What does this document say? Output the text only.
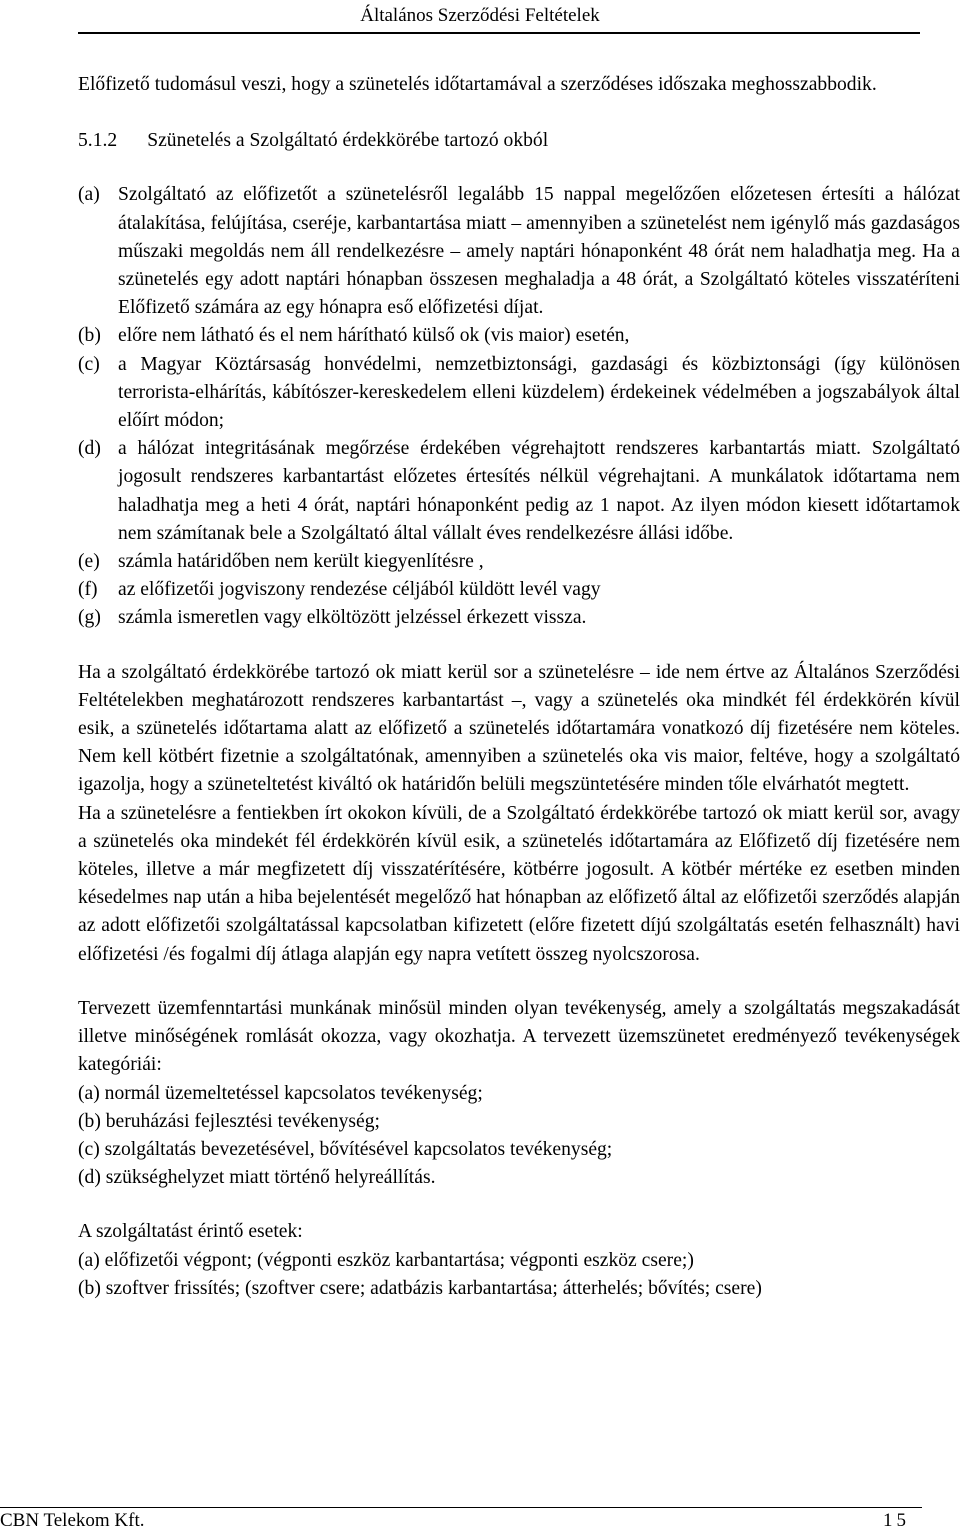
Általános Szerződési Feltételek

Előfizető tudomásul veszi, hogy a szünetelés időtartamával a szerződéses időszaka meghosszabbodik.

5.1.2 Szünetelés a Szolgáltató érdekkörébe tartozó okból

(a) Szolgáltató az előfizetőt a szünetelésről legalább 15 nappal megelőzően előzetesen értesíti a hálózat átalakítása, felújítása, cseréje, karbantartása miatt – amennyiben a szünetelést nem igénylő más gazdaságos műszaki megoldás nem áll rendelkezésre – amely naptári hónaponként 48 órát nem haladhatja meg. Ha a szünetelés egy adott naptári hónapban összesen meghaladja a 48 órát, a Szolgáltató köteles visszatéríteni Előfizető számára az egy hónapra eső előfizetési díjat.
(b) előre nem látható és el nem hárítható külső ok (vis maior) esetén,
(c) a Magyar Köztársaság honvédelmi, nemzetbiztonsági, gazdasági és közbiztonsági (így különösen terrorista-elhárítás, kábítószer-kereskedelem elleni küzdelem) érdekeinek védelmében a jogszabályok által előírt módon;
(d) a hálózat integritásának megőrzése érdekében végrehajtott rendszeres karbantartás miatt. Szolgáltató jogosult rendszeres karbantartást előzetes értesítés nélkül végrehajtani. A munkálatok időtartama nem haladhatja meg a heti 4 órát, naptári hónaponként pedig az 1 napot. Az ilyen módon kiesett időtartamok nem számítanak bele a Szolgáltató által vállalt éves rendelkezésre állási időbe.
(e) számla határidőben nem került kiegyenlítésre ,
(f)	az előfizetői jogviszony rendezése céljából küldött levél vagy
(g) számla ismeretlen vagy elköltözött jelzéssel érkezett vissza.

Ha a szolgáltató érdekkörébe tartozó ok miatt kerül sor a szünetelésre – ide nem értve az Általános Szerződési Feltételekben meghatározott rendszeres karbantartást –, vagy a szünetelés oka mindkét fél érdekkörén kívül esik, a szünetelés időtartama alatt az előfizető a szünetelés időtartamára vonatkozó díj fizetésére nem köteles. Nem kell kötbért fizetnie a szolgáltatónak, amennyiben a szünetelés oka vis maior, feltéve, hogy a szolgáltató igazolja, hogy a szüneteltetést kiváltó ok határidőn belüli megszüntetésére minden tőle elvárhatót megtett.

Ha a szünetelésre a fentiekben írt okokon kívüli, de a Szolgáltató érdekkörébe tartozó ok miatt kerül sor, avagy a szünetelés oka mindekét fél érdekkörén kívül esik, a szünetelés időtartamára az Előfizető díj fizetésére nem köteles, illetve a már megfizetett díj visszatérítésére, kötbérre jogosult. A kötbér mértéke ez esetben minden késedelmes nap után a hiba bejelentését megelőző hat hónapban az előfizető által az előfizetői szerződés alapján az adott előfizetői szolgáltatással kapcsolatban kifizetett (előre fizetett díjú szolgáltatás esetén felhasznált) havi előfizetési /és fogalmi díj átlaga alapján egy napra vetített összeg nyolcszorosa.

Tervezett üzemfenntartási munkának minősül minden olyan tevékenység, amely a szolgáltatás megszakadását illetve minőségének romlását okozza, vagy okozhatja. A tervezett üzemszünetet eredményező tevékenységek kategóriái:

(a) normál üzemeltetéssel kapcsolatos tevékenység;

(b) beruházási fejlesztési tevékenység;

(c) szolgáltatás bevezetésével, bővítésével kapcsolatos tevékenység;

(d) szükséghelyzet miatt történő helyreállítás.

A szolgáltatást érintő esetek:

(a) előfizetői végpont; (végponti eszköz karbantartása; végponti eszköz csere;)

(b) szoftver frissítés; (szoftver csere; adatbázis karbantartása; átterhelés; bővítés; csere)

CBN Telekom Kft.	15
